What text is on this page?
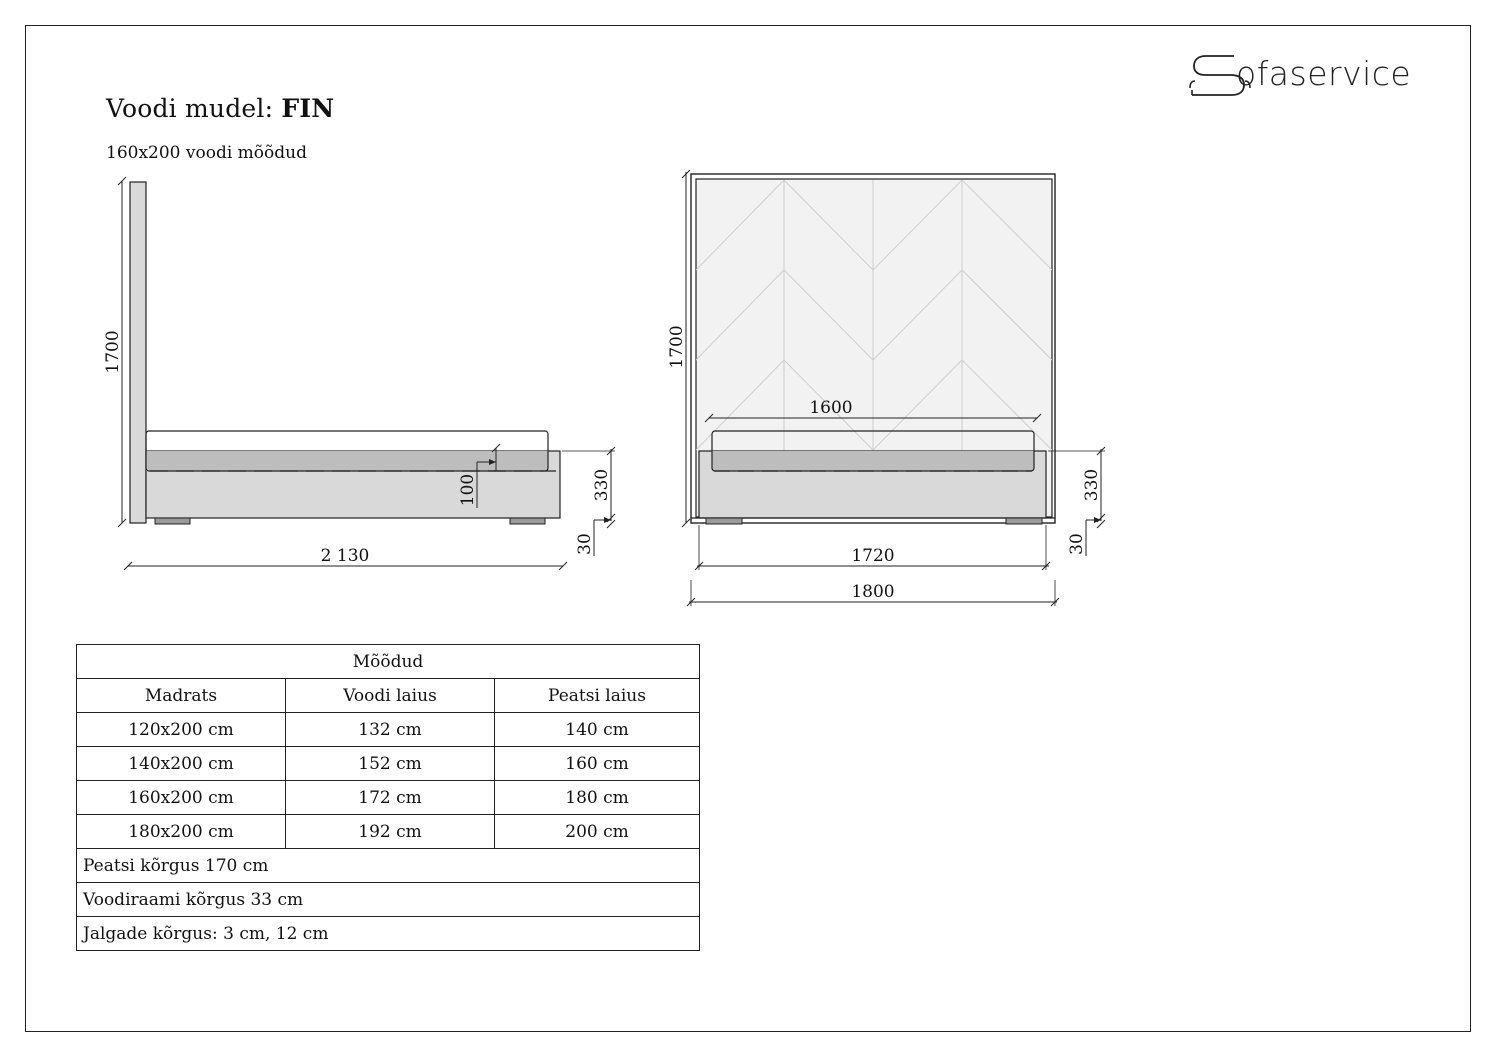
Voodi mudel: FIN
160x200 voodi mõõdud
ofaservice
1700
2 130
330
30
100
1700
1600
1720
1800
330
30
Mõõdud		
Madrats	Voodi laius	Peatsi laius
120x200 cm	132 cm	140 cm
140x200 cm	152 cm	160 cm
160x200 cm	172 cm	180 cm
180x200 cm	192 cm	200 cm
Peatsi kõrgus 170 cm		
Voodiraami kõrgus 33 cm		
Jalgade kõrgus: 3 cm, 12 cm		
